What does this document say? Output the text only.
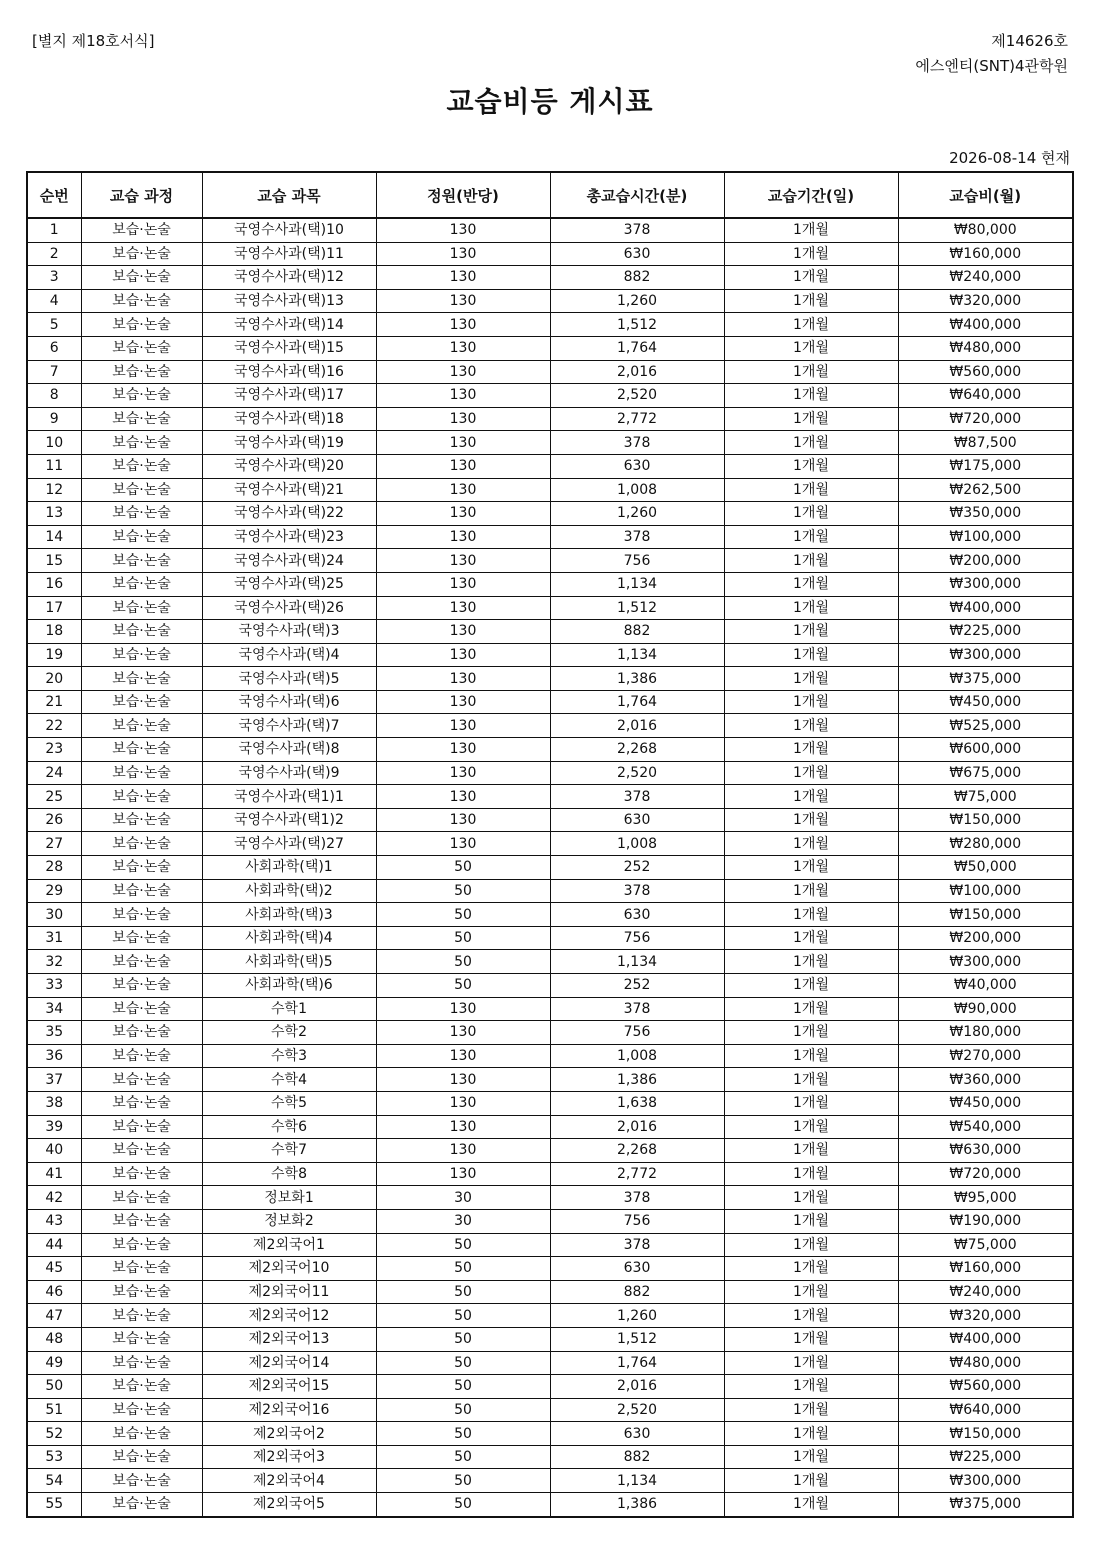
[별지 제18호서식]	제14626호
에스엔티(SNT)4관학원
교습비등 게시표
2026-08-14 현재
순번	교습 과정	교습 과목	정원(반당)	총교습시간(분)	교습기간(일)	교습비(월)
1	보습·논술	국영수사과(택)10	130	378	1개월	₩80,000
2	보습·논술	국영수사과(택)11	130	630	1개월	₩160,000
3	보습·논술	국영수사과(택)12	130	882	1개월	₩240,000
4	보습·논술	국영수사과(택)13	130	1,260	1개월	₩320,000
5	보습·논술	국영수사과(택)14	130	1,512	1개월	₩400,000
6	보습·논술	국영수사과(택)15	130	1,764	1개월	₩480,000
7	보습·논술	국영수사과(택)16	130	2,016	1개월	₩560,000
8	보습·논술	국영수사과(택)17	130	2,520	1개월	₩640,000
9	보습·논술	국영수사과(택)18	130	2,772	1개월	₩720,000
10	보습·논술	국영수사과(택)19	130	378	1개월	₩87,500
11	보습·논술	국영수사과(택)20	130	630	1개월	₩175,000
12	보습·논술	국영수사과(택)21	130	1,008	1개월	₩262,500
13	보습·논술	국영수사과(택)22	130	1,260	1개월	₩350,000
14	보습·논술	국영수사과(택)23	130	378	1개월	₩100,000
15	보습·논술	국영수사과(택)24	130	756	1개월	₩200,000
16	보습·논술	국영수사과(택)25	130	1,134	1개월	₩300,000
17	보습·논술	국영수사과(택)26	130	1,512	1개월	₩400,000
18	보습·논술	국영수사과(택)3	130	882	1개월	₩225,000
19	보습·논술	국영수사과(택)4	130	1,134	1개월	₩300,000
20	보습·논술	국영수사과(택)5	130	1,386	1개월	₩375,000
21	보습·논술	국영수사과(택)6	130	1,764	1개월	₩450,000
22	보습·논술	국영수사과(택)7	130	2,016	1개월	₩525,000
23	보습·논술	국영수사과(택)8	130	2,268	1개월	₩600,000
24	보습·논술	국영수사과(택)9	130	2,520	1개월	₩675,000
25	보습·논술	국영수사과(택1)1	130	378	1개월	₩75,000
26	보습·논술	국영수사과(택1)2	130	630	1개월	₩150,000
27	보습·논술	국영수사과(택)27	130	1,008	1개월	₩280,000
28	보습·논술	사회과학(택)1	50	252	1개월	₩50,000
29	보습·논술	사회과학(택)2	50	378	1개월	₩100,000
30	보습·논술	사회과학(택)3	50	630	1개월	₩150,000
31	보습·논술	사회과학(택)4	50	756	1개월	₩200,000
32	보습·논술	사회과학(택)5	50	1,134	1개월	₩300,000
33	보습·논술	사회과학(택)6	50	252	1개월	₩40,000
34	보습·논술	수학1	130	378	1개월	₩90,000
35	보습·논술	수학2	130	756	1개월	₩180,000
36	보습·논술	수학3	130	1,008	1개월	₩270,000
37	보습·논술	수학4	130	1,386	1개월	₩360,000
38	보습·논술	수학5	130	1,638	1개월	₩450,000
39	보습·논술	수학6	130	2,016	1개월	₩540,000
40	보습·논술	수학7	130	2,268	1개월	₩630,000
41	보습·논술	수학8	130	2,772	1개월	₩720,000
42	보습·논술	정보화1	30	378	1개월	₩95,000
43	보습·논술	정보화2	30	756	1개월	₩190,000
44	보습·논술	제2외국어1	50	378	1개월	₩75,000
45	보습·논술	제2외국어10	50	630	1개월	₩160,000
46	보습·논술	제2외국어11	50	882	1개월	₩240,000
47	보습·논술	제2외국어12	50	1,260	1개월	₩320,000
48	보습·논술	제2외국어13	50	1,512	1개월	₩400,000
49	보습·논술	제2외국어14	50	1,764	1개월	₩480,000
50	보습·논술	제2외국어15	50	2,016	1개월	₩560,000
51	보습·논술	제2외국어16	50	2,520	1개월	₩640,000
52	보습·논술	제2외국어2	50	630	1개월	₩150,000
53	보습·논술	제2외국어3	50	882	1개월	₩225,000
54	보습·논술	제2외국어4	50	1,134	1개월	₩300,000
55	보습·논술	제2외국어5	50	1,386	1개월	₩375,000
